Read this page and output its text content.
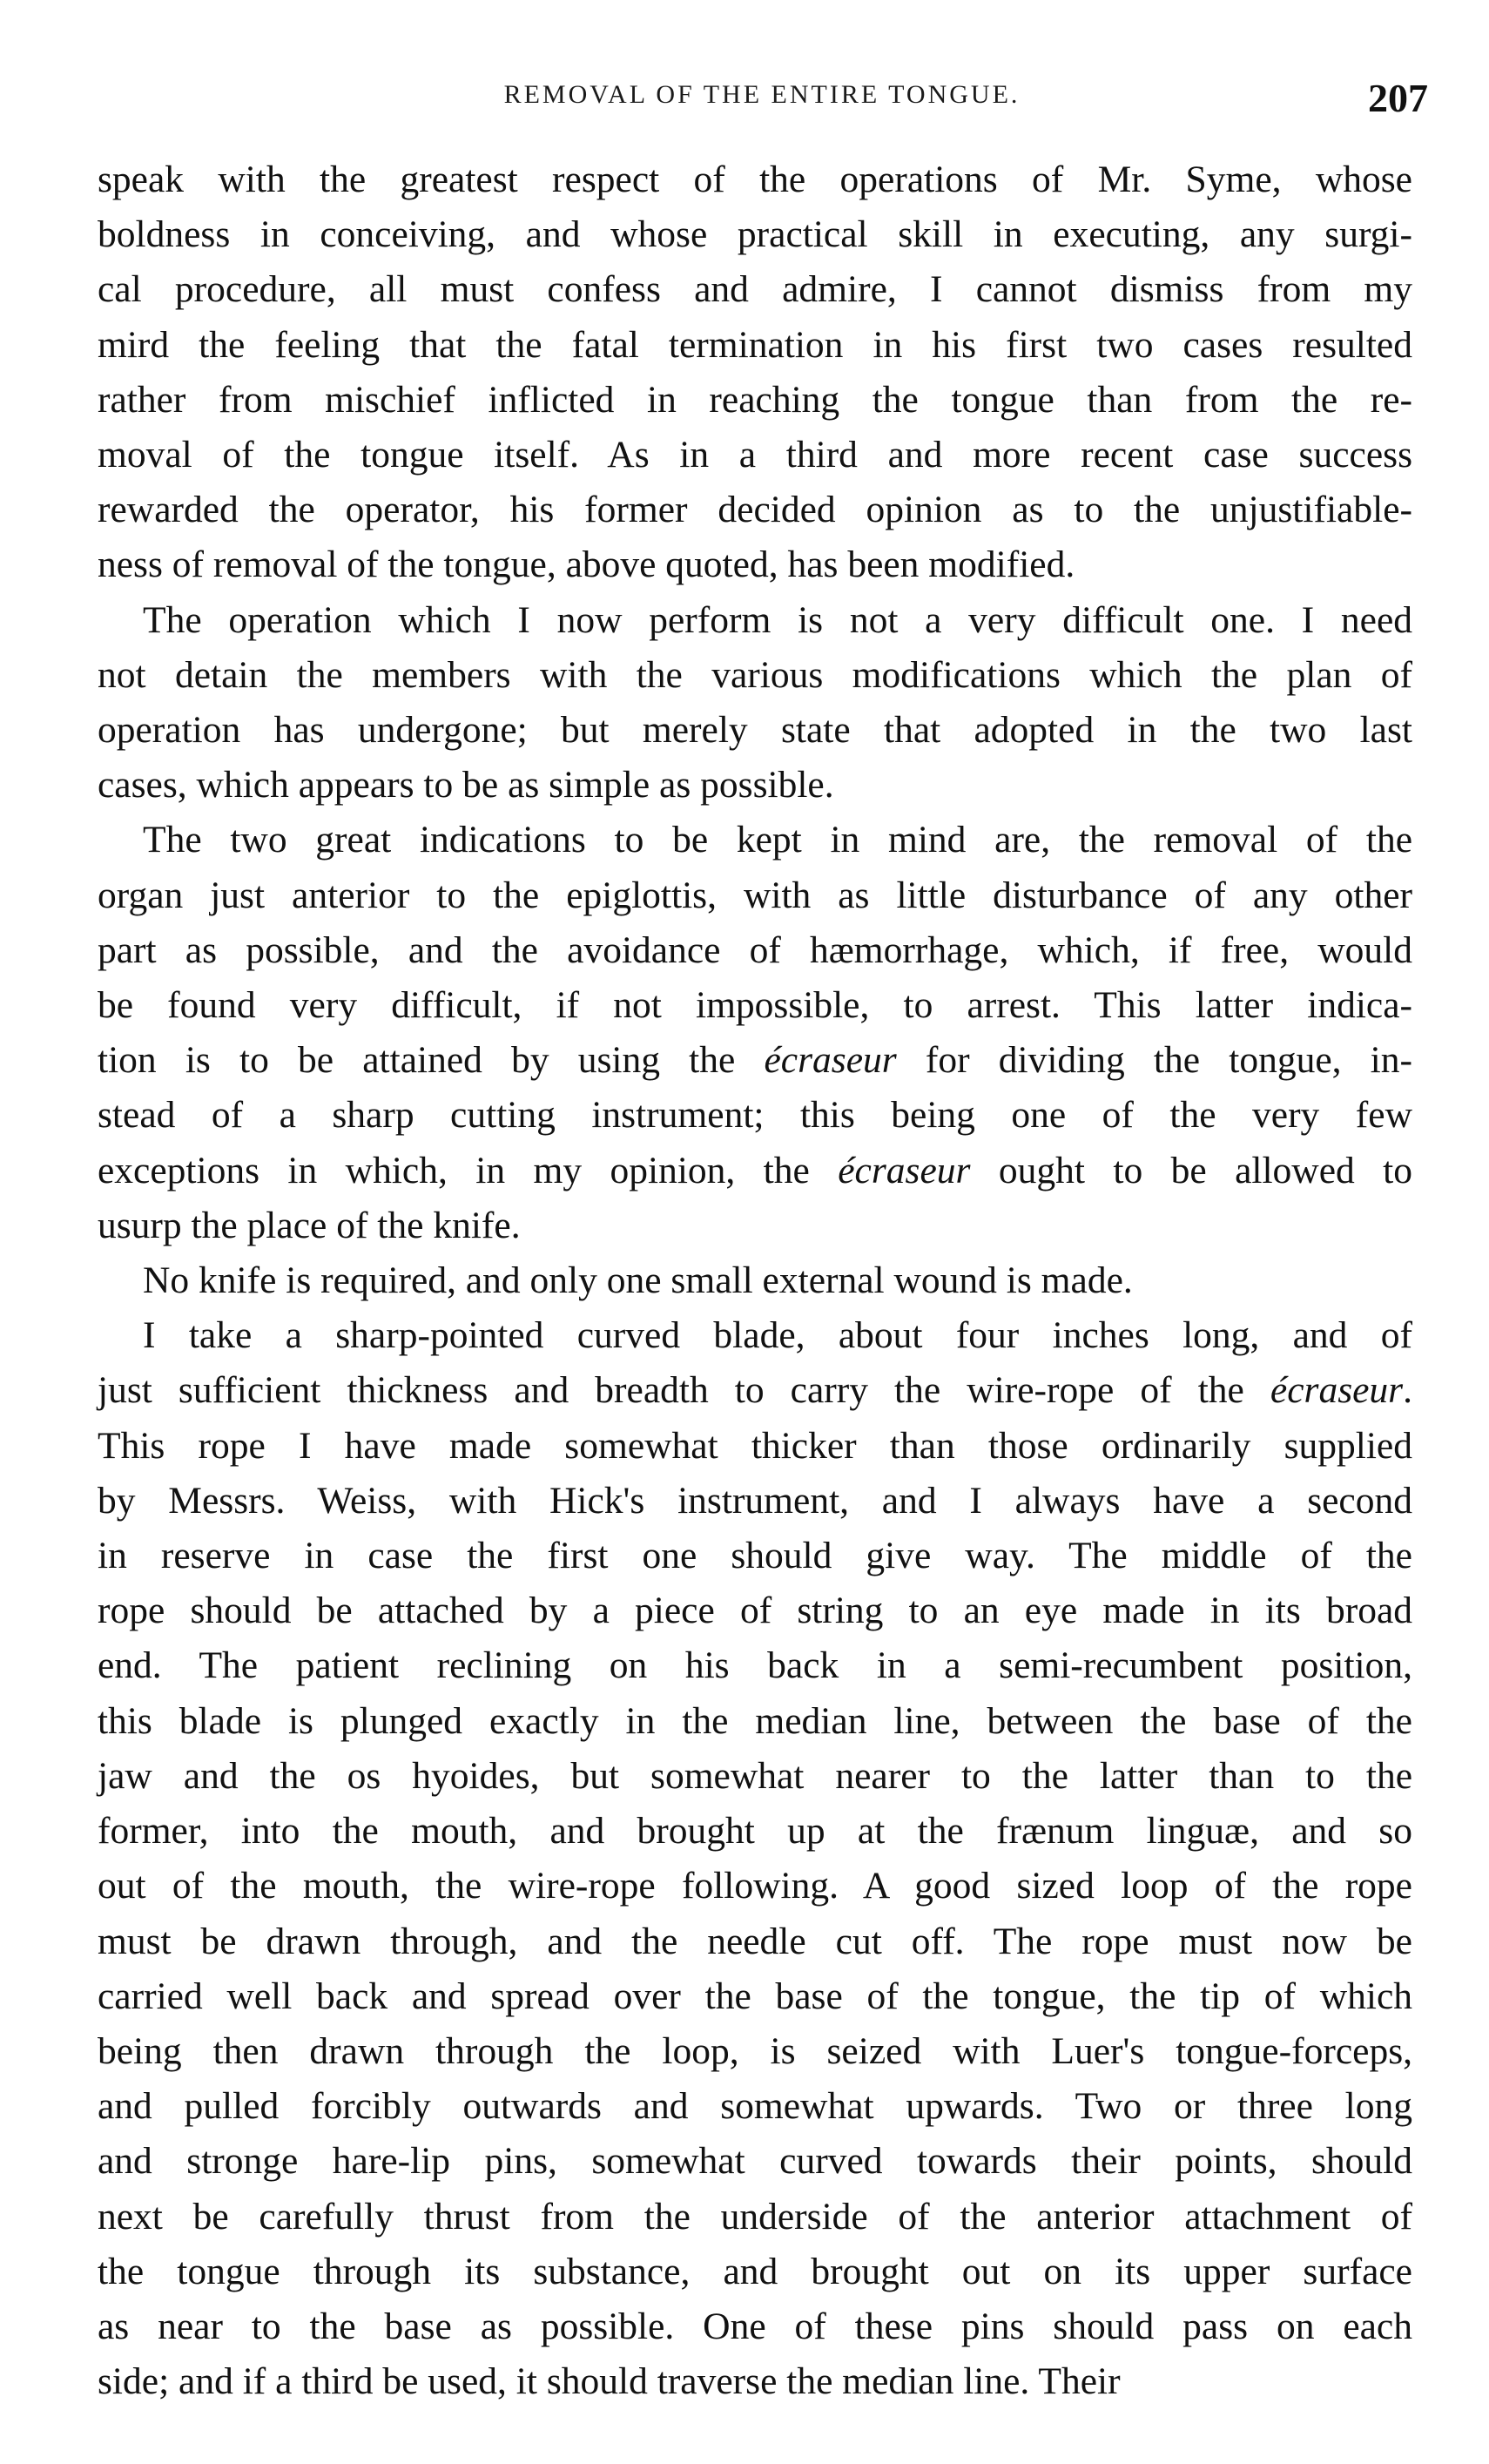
REMOVAL OF THE ENTIRE TONGUE.	207
speak with the greatest respect of the operations of Mr. Syme, whose
boldness in conceiving, and whose practical skill in executing, any surgi-
cal procedure, all must confess and admire, I cannot dismiss from my
mird the feeling that the fatal termination in his first two cases resulted
rather from mischief inflicted in reaching the tongue than from the re-
moval of the tongue itself. As in a third and more recent case success
rewarded the operator, his former decided opinion as to the unjustifiable-
ness of removal of the tongue, above quoted, has been modified.
The operation which I now perform is not a very difficult one. I need
not detain the members with the various modifications which the plan of
operation has undergone; but merely state that adopted in the two last
cases, which appears to be as simple as possible.
The two great indications to be kept in mind are, the removal of the
organ just anterior to the epiglottis, with as little disturbance of any other
part as possible, and the avoidance of hæmorrhage, which, if free, would
be found very difficult, if not impossible, to arrest. This latter indica-
tion is to be attained by using the écraseur for dividing the tongue, in-
stead of a sharp cutting instrument; this being one of the very few
exceptions in which, in my opinion, the écraseur ought to be allowed to
usurp the place of the knife.
No knife is required, and only one small external wound is made.
I take a sharp-pointed curved blade, about four inches long, and of
just sufficient thickness and breadth to carry the wire-rope of the écraseur.
This rope I have made somewhat thicker than those ordinarily supplied
by Messrs. Weiss, with Hick's instrument, and I always have a second
in reserve in case the first one should give way. The middle of the
rope should be attached by a piece of string to an eye made in its broad
end. The patient reclining on his back in a semi-recumbent position,
this blade is plunged exactly in the median line, between the base of the
jaw and the os hyoides, but somewhat nearer to the latter than to the
former, into the mouth, and brought up at the frænum linguæ, and so
out of the mouth, the wire-rope following. A good sized loop of the rope
must be drawn through, and the needle cut off. The rope must now be
carried well back and spread over the base of the tongue, the tip of which
being then drawn through the loop, is seized with Luer's tongue-forceps,
and pulled forcibly outwards and somewhat upwards. Two or three long
and stronge hare-lip pins, somewhat curved towards their points, should
next be carefully thrust from the underside of the anterior attachment of
the tongue through its substance, and brought out on its upper surface
as near to the base as possible. One of these pins should pass on each
side; and if a third be used, it should traverse the median line. Their
